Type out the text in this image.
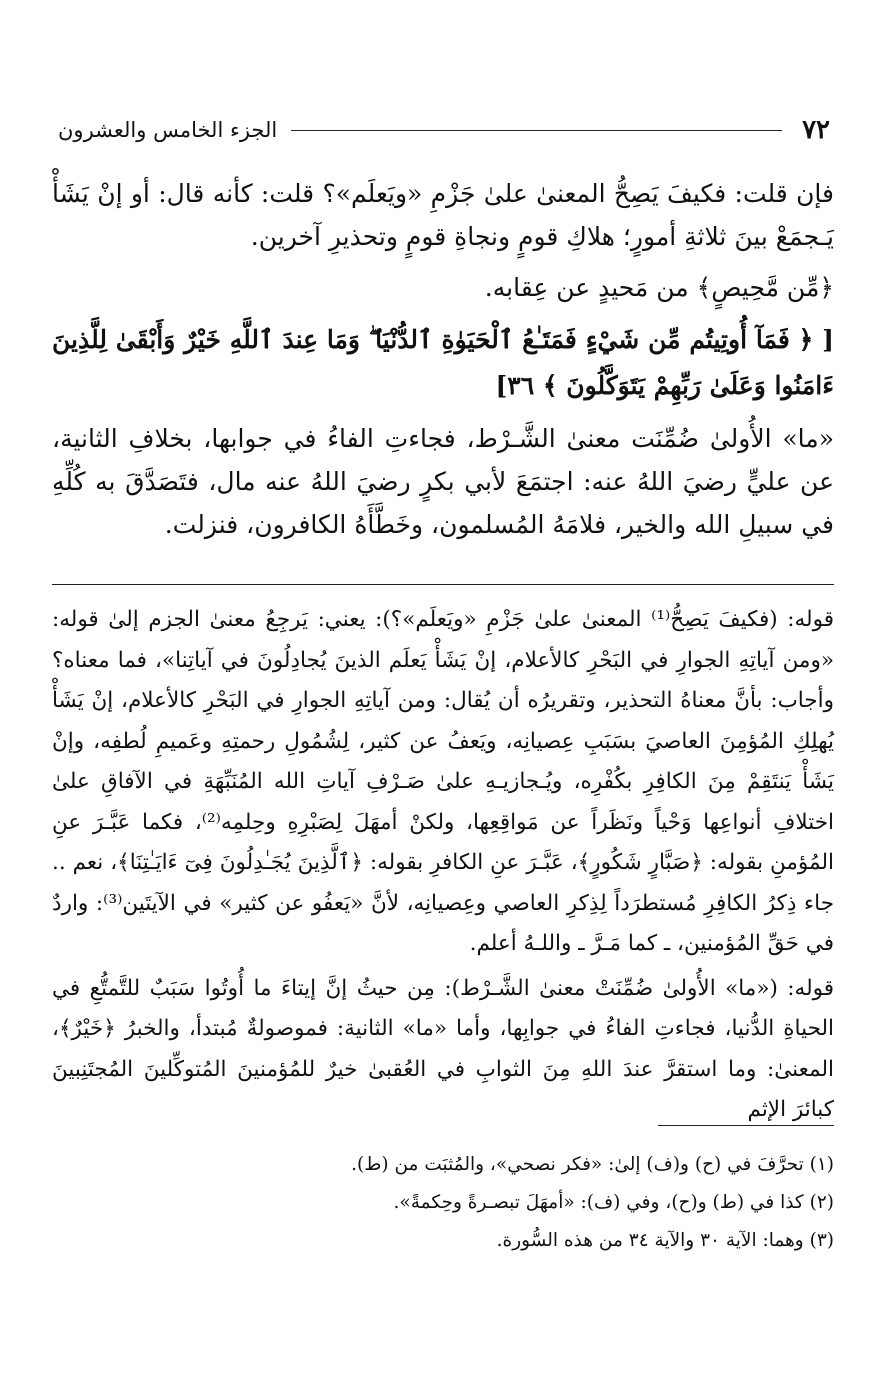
٧٢
الجزء الخامس والعشرون

فإن قلت: فكيفَ يَصِحُّ المعنىٰ علىٰ جَزْمِ «ويَعلَم»؟ قلت: كأنه قال: أو إنْ يَشَأْ يَـجمَعْ بينَ ثلاثةِ أمورٍ؛ هلاكِ قومٍ ونجاةِ قومٍ وتحذيرِ آخرين.

﴿مِّن مَّحِيصٍ﴾ من مَحيدٍ عن عِقابه.

[ ﴿ فَمَآ أُوتِيتُم مِّن شَيْءٍ فَمَتَـٰعُ ٱلْحَيَوٰةِ ٱلدُّنْيَا ۖ وَمَا عِندَ ٱللَّهِ خَيْرٌ وَأَبْقَىٰ لِلَّذِينَ ءَامَنُوا وَعَلَىٰ رَبِّهِمْ يَتَوَكَّلُونَ ﴾ ٣٦]

«ما» الأُولىٰ ضُمِّنَت معنىٰ الشَّـرْط، فجاءتِ الفاءُ في جوابها، بخلافِ الثانية، عن عليٍّ رضيَ اللهُ عنه: اجتمَعَ لأبي بكرٍ رضيَ اللهُ عنه مال، فتَصَدَّقَ به كُلِّهِ في سبيلِ الله والخير، فلامَهُ المُسلمون، وخَطَّأَهُ الكافرون، فنزلت.

قوله: (فكيفَ يَصِحُّ⁽¹⁾ المعنىٰ علىٰ جَزْمِ «ويَعلَم»؟): يعني: يَرجِعُ معنىٰ الجزم إلىٰ قوله: «ومن آياتِهِ الجوارِ في البَحْرِ كالأعلام، إنْ يَشَأْ يَعلَم الذينَ يُجادِلُونَ في آياتِنا»، فما معناه؟ وأجاب: بأنَّ معناهُ التحذير، وتقريرُه أن يُقال: ومن آياتِهِ الجوارِ في البَحْرِ كالأعلام، إنْ يَشَأْ يُهلِكِ المُؤمِنَ العاصيَ بسَبَبِ عِصيانِه، ويَعفُ عن كثير، لِشُمُولِ رحمتِهِ وعَميمِ لُطفِه، وإنْ يَشَأْ يَنتَقِمْ مِنَ الكافِرِ بكُفْرِه، ويُـجازيـهِ علىٰ صَـرْفِ آياتِ الله المُنَبِّهَةِ في الآفاقِ علىٰ اختلافِ أنواعِها وَحْياً ونَظَراً عن مَواقِعِها، ولكنْ أمهَلَ لِصَبْرِهِ وحِلمِه⁽²⁾، فكما عَبَّـرَ عنِ المُؤمنِ بقوله: ﴿صَبَّارٍ شَكُورٍ﴾، عَبَّـرَ عنِ الكافرِ بقوله: ﴿ٱلَّذِينَ يُجَـٰدِلُونَ فِىٓ ءَايَـٰتِنَا﴾، نعم .. جاء ذِكرُ الكافِرِ مُستطرَداً لِذِكرِ العاصي وعِصيانِه، لأنَّ «يَعفُو عن كثير» في الآيتَين⁽³⁾: واردٌ في حَقِّ المُؤمنين، ـ كما مَـرَّ ـ واللـهُ أعلم.

قوله: («ما» الأُولىٰ ضُمِّنَتْ معنىٰ الشَّـرْط): مِن حيثُ إنَّ إيتاءَ ما أُوتُوا سَبَبٌ للتَّمتُّعِ في الحياةِ الدُّنيا، فجاءتِ الفاءُ في جوابِها، وأما «ما» الثانية: فموصولةٌ مُبتدأ، والخبرُ ﴿خَيْرٌ﴾، المعنىٰ: وما استقرَّ عندَ اللهِ مِنَ الثوابِ في العُقبىٰ خيرٌ للمُؤمنينَ المُتوكِّلينَ المُجتَنِبينَ كبائرَ الإثم

(١) تحرَّفَ في (ح) و(ف) إلىٰ: «فكر نصحي»، والمُثبَت من (ط).

(٢) كذا في (ط) و(ح)، وفي (ف): «أمهَلَ تبصـرةً وحِكمةً».

(٣) وهما: الآية ٣٠ والآية ٣٤ من هذه السُّورة.
